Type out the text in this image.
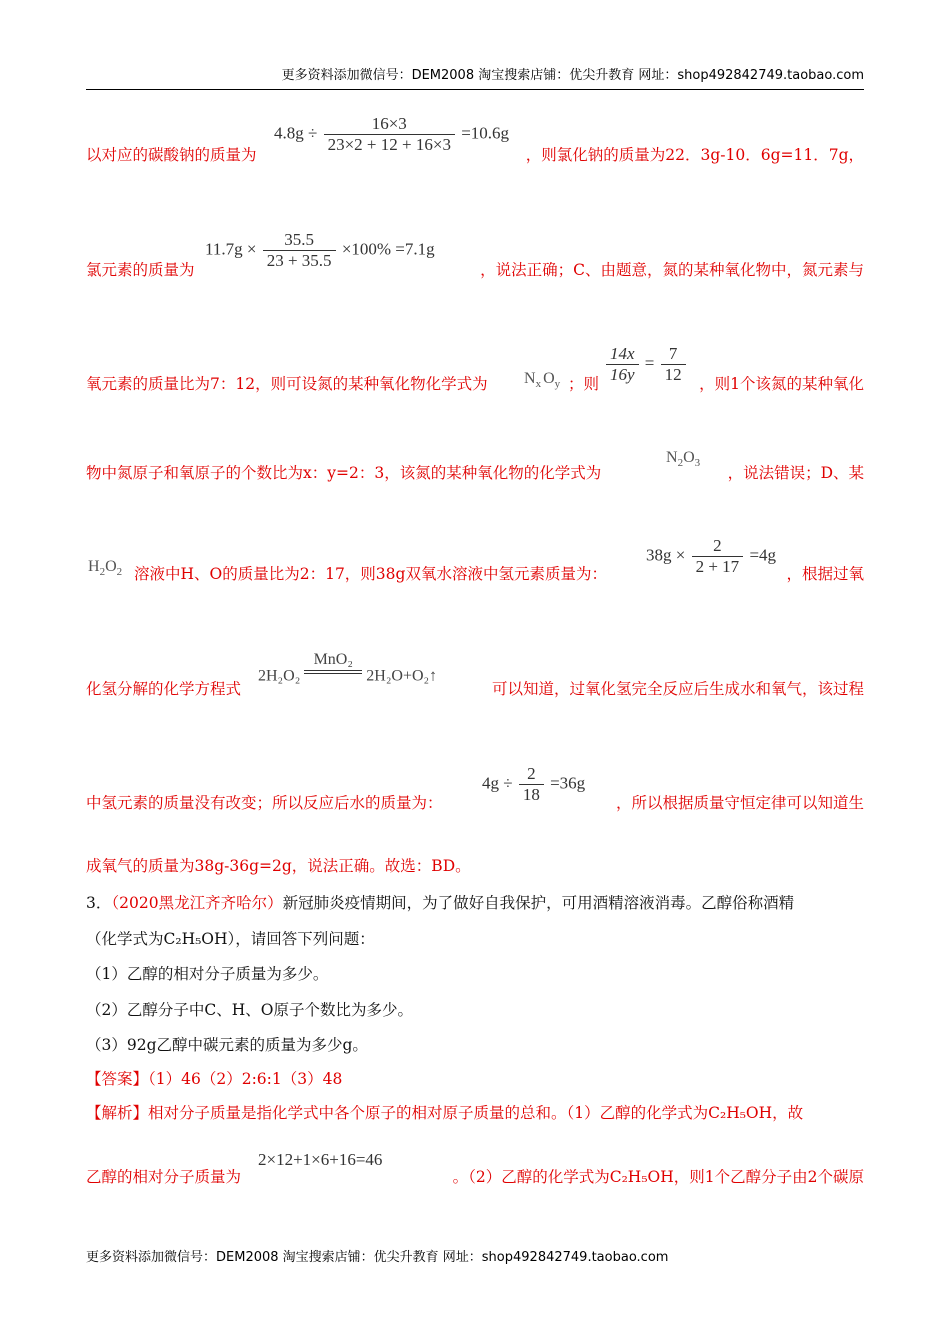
更多资料添加微信号：DEM2008 淘宝搜索店铺：优尖升教育 网址：shop492842749.taobao.com
$4.8g \div \frac{16\times 3}{23\times 2 + 12 + 16\times 3} =10.6g$
以对应的碳酸钠的质量为	，则氯化钠的质量为22．3g-10．6g=11．7g，
$11.7g \times \frac{35.5}{23 + 35.5} \times 100\% =7.1g$
氯元素的质量为	，说法正确；C、由题意，氮的某种氧化物中，氮元素与
氧元素的质量比为7：12，则可设氮的某种氧化物化学式为	$N_x$ $O_y$ ；则 $\frac{14x}{16y} = \frac{7}{12}$ ，则1个该氮的某种氧化
物中氮原子和氧原子的个数比为x：y=2：3，该氮的某种氧化物的化学式为
$N_2O_3$
，说法错误；D、某
$H_2O_2$ 溶液中H、O的质量比为2：17，则38g双氧水溶液中氢元素质量为：
$38g \times \frac{2}{2 + 17} =4g$
，根据过氧
化氢分解的化学方程式
2H₂O₂
MnO₂
2H₂O+O₂↑
可以知道，过氧化氢完全反应后生成水和氧气，该过程
中氢元素的质量没有改变；所以反应后水的质量为：
$4g \div \frac{2}{18} =36g$
，所以根据质量守恒定律可以知道生
成氧气的质量为38g-36g=2g，说法正确。故选：BD。
3．（2020黑龙江齐齐哈尔）新冠肺炎疫情期间，为了做好自我保护，可用酒精溶液消毒。乙醇俗称酒精
（化学式为C₂H₅OH），请回答下列问题：
（1）乙醇的相对分子质量为多少。
（2）乙醇分子中C、H、O原子个数比为多少。
（3）92g乙醇中碳元素的质量为多少g。
【答案】（1）46（2）2:6:1（3）48
【解析】相对分子质量是指化学式中各个原子的相对原子质量的总和。（1）乙醇的化学式为C₂H₅OH，故
乙醇的相对分子质量为
2×12+1×6+16=46
。（2）乙醇的化学式为C₂H₅OH，则1个乙醇分子由2个碳原
更多资料添加微信号：DEM2008 淘宝搜索店铺：优尖升教育 网址：shop492842749.taobao.com
